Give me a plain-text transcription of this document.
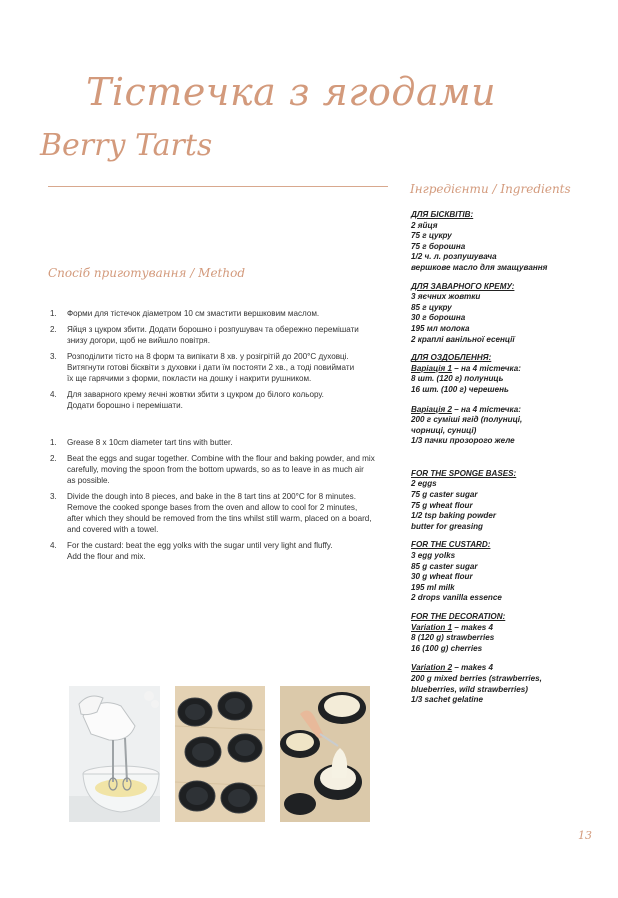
Тістечка з ягодами
Berry Tarts
Інгредієнти / Ingredients
Спосіб приготування / Method
1.	Форми для тістечок діаметром 10 см змастити вершковим маслом.
2.	Яйця з цукром збити. Додати борошно і розпушувач та обережно перемішати
знизу догори, щоб не вийшло повітря.
3.	Розподілити тісто на 8 форм та випікати 8 хв. у розігрітій до 200°С духовці.
Витягнути готові бісквіти з духовки і дати їм постояти 2 хв., а тоді повиймати
їх ще гарячими з форми, покласти на дошку і накрити рушником.
4.	Для заварного крему яєчні жовтки збити з цукром до білого кольору.
Додати борошно і перемішати.
1.	Grease 8 x 10cm diameter tart tins with butter.
2.	Beat the eggs and sugar together. Combine with the flour and baking powder, and mix
carefully, moving the spoon from the bottom upwards, so as to leave in as much air
as possible.
3.	Divide the dough into 8 pieces, and bake in the 8 tart tins at 200°C for 8 minutes.
Remove the cooked sponge bases from the oven and allow to cool for 2 minutes,
after which they should be removed from the tins whilst still warm, placed on a board,
and covered with a towel.
4.	For the custard: beat the egg yolks with the sugar until very light and fluffy.
Add the flour and mix.
ДЛЯ БІСКВІТІВ:
2 яйця
75 г цукру
75 г борошна
1/2 ч. л. розпушувача
вершкове масло для змащування
ДЛЯ ЗАВАРНОГО КРЕМУ:
3 яєчних жовтки
85 г цукру
30 г борошна
195 мл молока
2 краплі ванільної есенції
ДЛЯ ОЗДОБЛЕННЯ:
Варіація 1 – на 4 тістечка:
8 шт. (120 г) полуниць
16 шт. (100 г) черешень
Варіація 2 – на 4 тістечка:
200 г суміші ягід (полуниці,
чорниці, суниці)
1/3 пачки прозорого желе
FOR THE SPONGE BASES:
2 eggs
75 g caster sugar
75 g wheat flour
1/2 tsp baking powder
butter for greasing
FOR THE CUSTARD:
3 egg yolks
85 g caster sugar
30 g wheat flour
195 ml milk
2 drops vanilla essence
FOR THE DECORATION:
Variation 1 – makes 4
8 (120 g) strawberries
16 (100 g) cherries
Variation 2 – makes 4
200 g mixed berries (strawberries,
blueberries, wild strawberries)
1/3 sachet gelatine
13
